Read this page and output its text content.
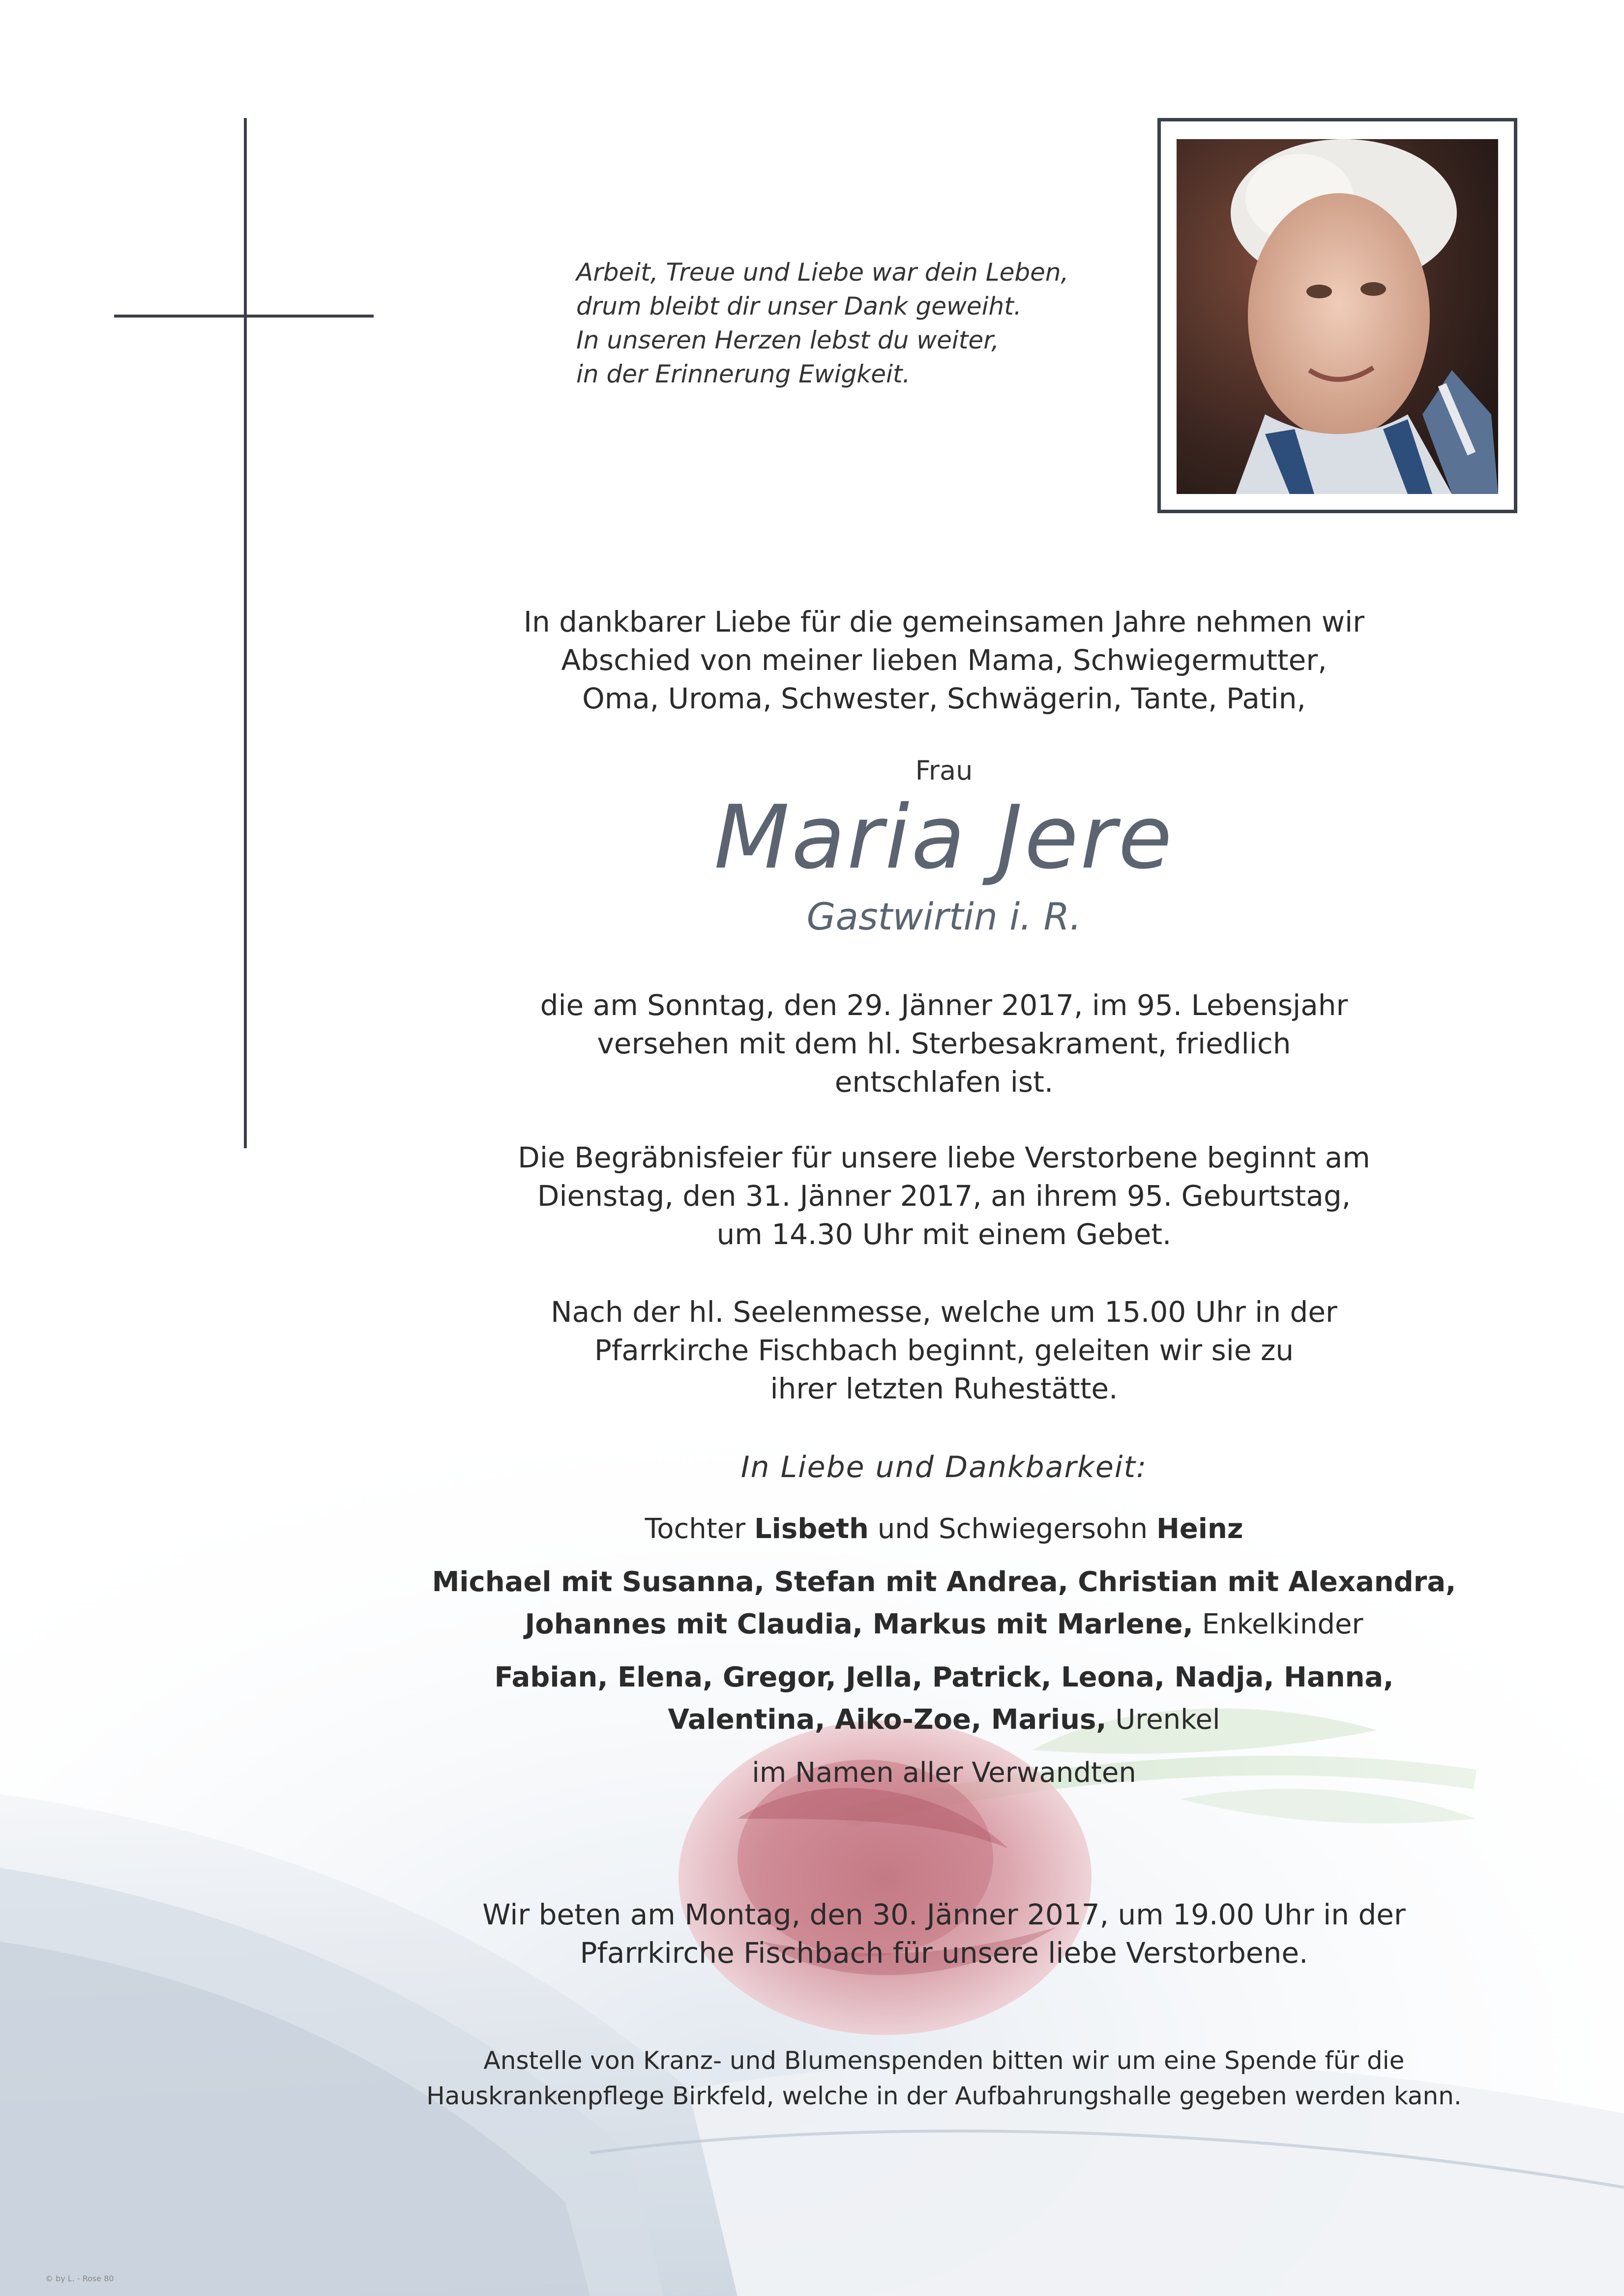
Arbeit, Treue und Liebe war dein Leben,
drum bleibt dir unser Dank geweiht.
In unseren Herzen lebst du weiter,
in der Erinnerung Ewigkeit.
In dankbarer Liebe für die gemeinsamen Jahre nehmen wir
Abschied von meiner lieben Mama, Schwiegermutter,
Oma, Uroma, Schwester, Schwägerin, Tante, Patin,
Frau
Maria Jere
Gastwirtin i. R.
die am Sonntag, den 29. Jänner 2017, im 95. Lebensjahr
versehen mit dem hl. Sterbesakrament, friedlich
entschlafen ist.
Die Begräbnisfeier für unsere liebe Verstorbene beginnt am
Dienstag, den 31. Jänner 2017, an ihrem 95. Geburtstag,
um 14.30 Uhr mit einem Gebet.
Nach der hl. Seelenmesse, welche um 15.00 Uhr in der
Pfarrkirche Fischbach beginnt, geleiten wir sie zu
ihrer letzten Ruhestätte.
In Liebe und Dankbarkeit:
Tochter Lisbeth und Schwiegersohn Heinz
Michael mit Susanna, Stefan mit Andrea, Christian mit Alexandra,
Johannes mit Claudia, Markus mit Marlene, Enkelkinder
Fabian, Elena, Gregor, Jella, Patrick, Leona, Nadja, Hanna,
Valentina, Aiko-Zoe, Marius, Urenkel
im Namen aller Verwandten
Wir beten am Montag, den 30. Jänner 2017, um 19.00 Uhr in der
Pfarrkirche Fischbach für unsere liebe Verstorbene.
Anstelle von Kranz- und Blumenspenden bitten wir um eine Spende für die
Hauskrankenpflege Birkfeld, welche in der Aufbahrungshalle gegeben werden kann.
© by L. - Rose 80
